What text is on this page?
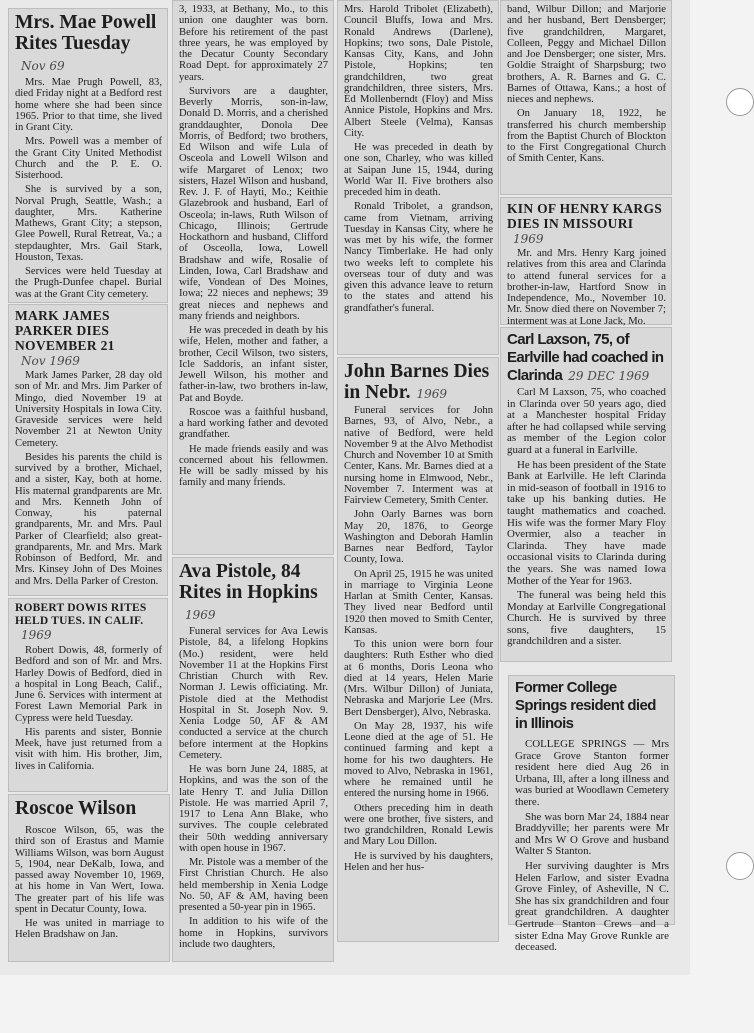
Mrs. Mae Powell Rites TuesdayNov 69

Mrs. Mae Prugh Powell, 83, died Friday night at a Bedford rest home where she had been since 1965. Prior to that time, she lived in Grant City.

Mrs. Powell was a member of the Grant City United Methodist Church and the P. E. O. Sisterhood.

She is survived by a son, Norval Prugh, Seattle, Wash.; a daughter, Mrs. Katherine Mathews, Grant City; a stepson, Glee Powell, Rural Retreat, Va.; a stepdaughter, Mrs. Gail Stark, Houston, Texas.

Services were held Tuesday at the Prugh-Dunfee chapel. Burial was at the Grant City cemetery.

MARK JAMES PARKER DIES NOVEMBER 21Nov 1969

Mark James Parker, 28 day old son of Mr. and Mrs. Jim Parker of Mingo, died November 19 at University Hospitals in Iowa City. Graveside services were held November 21 at Newton Unity Cemetery.

Besides his parents the child is survived by a brother, Michael, and a sister, Kay, both at home. His maternal grandparents are Mr. and Mrs. Kenneth John of Conway, his paternal grandparents, Mr. and Mrs. Paul Parker of Clearfield; also great-grandparents, Mr. and Mrs. Mark Robinson of Bedford, Mr. and Mrs. Kinsey John of Des Moines and Mrs. Della Parker of Creston.

ROBERT DOWIS RITES HELD TUES. IN CALIF.1969

Robert Dowis, 48, formerly of Bedford and son of Mr. and Mrs. Harley Dowis of Bedford, died in a hospital in Long Beach, Calif., June 6. Services with interment at Forest Lawn Memorial Park in Cypress were held Tuesday.

His parents and sister, Bonnie Meek, have just returned from a visit with him. His brother, Jim, lives in California.

Roscoe Wilson

Roscoe Wilson, 65, was the third son of Erastus and Mamie Williams Wilson, was born August 5, 1904, near DeKalb, Iowa, and passed away November 10, 1969, at his home in Van Wert, Iowa. The greater part of his life was spent in Decatur County, Iowa.

He was united in marriage to Helen Bradshaw on Jan.

3, 1933, at Bethany, Mo., to this union one daughter was born. Before his retirement of the past three years, he was employed by the Decatur County Secondary Road Dept. for approximately 27 years.

Survivors are a daughter, Beverly Morris, son-in-law, Donald D. Morris, and a cherished granddaughter, Donola Dee Morris, of Bedford; two brothers, Ed Wilson and wife Lula of Osceola and Lowell Wilson and wife Margaret of Lenox; two sisters, Hazel Wilson and husband, Rev. J. F. of Hayti, Mo.; Keithie Glazebrook and husband, Earl of Osceola; in-laws, Ruth Wilson of Chicago, Illinois; Gertrude Hockathorn and husband, Clifford of Osceolla, Iowa, Lowell Bradshaw and wife, Rosalie of Linden, Iowa, Carl Bradshaw and wife, Vondean of Des Moines, Iowa; 22 nieces and nephews; 39 great nieces and nephews and many friends and neighbors.

He was preceded in death by his wife, Helen, mother and father, a brother, Cecil Wilson, two sisters, Icle Saddoris, an infant sister, Jewell Wilson, his mother and father-in-law, two brothers in-law, Pat and Boyde.

Roscoe was a faithful husband, a hard working father and devoted grandfather.

He made friends easily and was concerned about his fellowmen. He will be sadly missed by his family and many friends.

Ava Pistole, 84 Rites in Hopkins1969

Funeral services for Ava Lewis Pistole, 84, a lifelong Hopkins (Mo.) resident, were held November 11 at the Hopkins First Christian Church with Rev. Norman J. Lewis officiating. Mr. Pistole died at the Methodist Hospital in St. Joseph Nov. 9. Xenia Lodge 50, AF & AM conducted a service at the church before interment at the Hopkins Cemetery.

He was born June 24, 1885, at Hopkins, and was the son of the late Henry T. and Julia Dillon Pistole. He was married April 7, 1917 to Lena Ann Blake, who survives. The couple celebrated their 50th wedding anniversary with open house in 1967.

Mr. Pistole was a member of the First Christian Church. He also held membership in Xenia Lodge No. 50, AF & AM, having been presented a 50-year pin in 1965.

In addition to his wife of the home in Hopkins, survivors include two daughters,

Mrs. Harold Tribolet (Elizabeth), Council Bluffs, Iowa and Mrs. Ronald Andrews (Darlene), Hopkins; two sons, Dale Pistole, Kansas City, Kans, and John Pistole, Hopkins; ten grandchildren, two great grandchildren, three sisters, Mrs. Ed Mollenberndt (Floy) and Miss Annice Pistole, Hopkins and Mrs. Albert Steele (Velma), Kansas City.

He was preceded in death by one son, Charley, who was killed at Saipan June 15, 1944, during World War II. Five brothers also preceded him in death.

Ronald Tribolet, a grandson, came from Vietnam, arriving Tuesday in Kansas City, where he was met by his wife, the former Nancy Timberlake. He had only two weeks left to complete his overseas tour of duty and was given this advance leave to return to the states and attend his grandfather's funeral.

John Barnes Dies in Nebr. 1969

Funeral services for John Barnes, 93, of Alvo, Nebr., a native of Bedford, were held November 9 at the Alvo Methodist Church and November 10 at Smith Center, Kans. Mr. Barnes died at a nursing home in Elmwood, Nebr., November 7. Interment was at Fairview Cemetery, Smith Center.

John Oarly Barnes was born May 20, 1876, to George Washington and Deborah Hamlin Barnes near Bedford, Taylor County, Iowa.

On April 25, 1915 he was united in marriage to Virginia Leone Harlan at Smith Center, Kansas. They lived near Bedford until 1920 then moved to Smith Center, Kansas.

To this union were born four daughters: Ruth Esther who died at 6 months, Doris Leona who died at 14 years, Helen Marie (Mrs. Wilbur Dillon) of Juniata, Nebraska and Marjorie Lee (Mrs. Bert Densberger), Alvo, Nebraska.

On May 28, 1937, his wife Leone died at the age of 51. He continued farming and kept a home for his two daughters. He moved to Alvo, Nebraska in 1961, where he remained until he entered the nursing home in 1966.

Others preceding him in death were one brother, five sisters, and two grandchildren, Ronald Lewis and Mary Lou Dillon.

He is survived by his daughters, Helen and her hus-

band, Wilbur Dillon; and Marjorie and her husband, Bert Densberger; five grandchildren, Margaret, Colleen, Peggy and Michael Dillon and Joe Densberger; one sister, Mrs. Goldie Straight of Sharpsburg; two brothers, A. R. Barnes and G. C. Barnes of Ottawa, Kans.; a host of nieces and nephews.

On January 18, 1922, he transferred his church membership from the Baptist Church of Blockton to the First Congregational Church of Smith Center, Kans.

KIN OF HENRY KARGS DIES IN MISSOURI1969

Mr. and Mrs. Henry Karg joined relatives from this area and Clarinda to attend funeral services for a brother-in-law, Hartford Snow in Independence, Mo., November 10. Mr. Snow died there on November 7; interment was at Lone Jack, Mo.

Carl Laxson, 75, of Earlville had coached in Clarinda 29 DEC 1969

Carl M Laxson, 75, who coached in Clarinda over 50 years ago, died at a Manchester hospital Friday after he had collapsed while serving as member of the Legion color guard at a funeral in Earlville.

He has been president of the State Bank at Earlville. He left Clarinda in mid-season of football in 1916 to take up his banking duties. He taught mathematics and coached. His wife was the former Mary Floy Overmier, also a teacher in Clarinda. They have made occasional visits to Clarinda during the years. She was named Iowa Mother of the Year for 1963.

The funeral was being held this Monday at Earlville Congregational Church. He is survived by three sons, five daughters, 15 grandchildren and a sister.

Former College Springs resident died in Illinois

COLLEGE SPRINGS — Mrs Grace Grove Stanton former resident here died Aug 26 in Urbana, Ill, after a long illness and was buried at Woodlawn Cemetery there.

She was born Mar 24, 1884 near Braddyville; her parents were Mr and Mrs W O Grove and husband Walter S Stanton.

Her surviving daughter is Mrs Helen Farlow, and sister Evadna Grove Finley, of Asheville, N C. She has six grandchildren and four great grandchildren. A daughter Gertrude Stanton Crews and a sister Edna May Grove Runkle are deceased.
